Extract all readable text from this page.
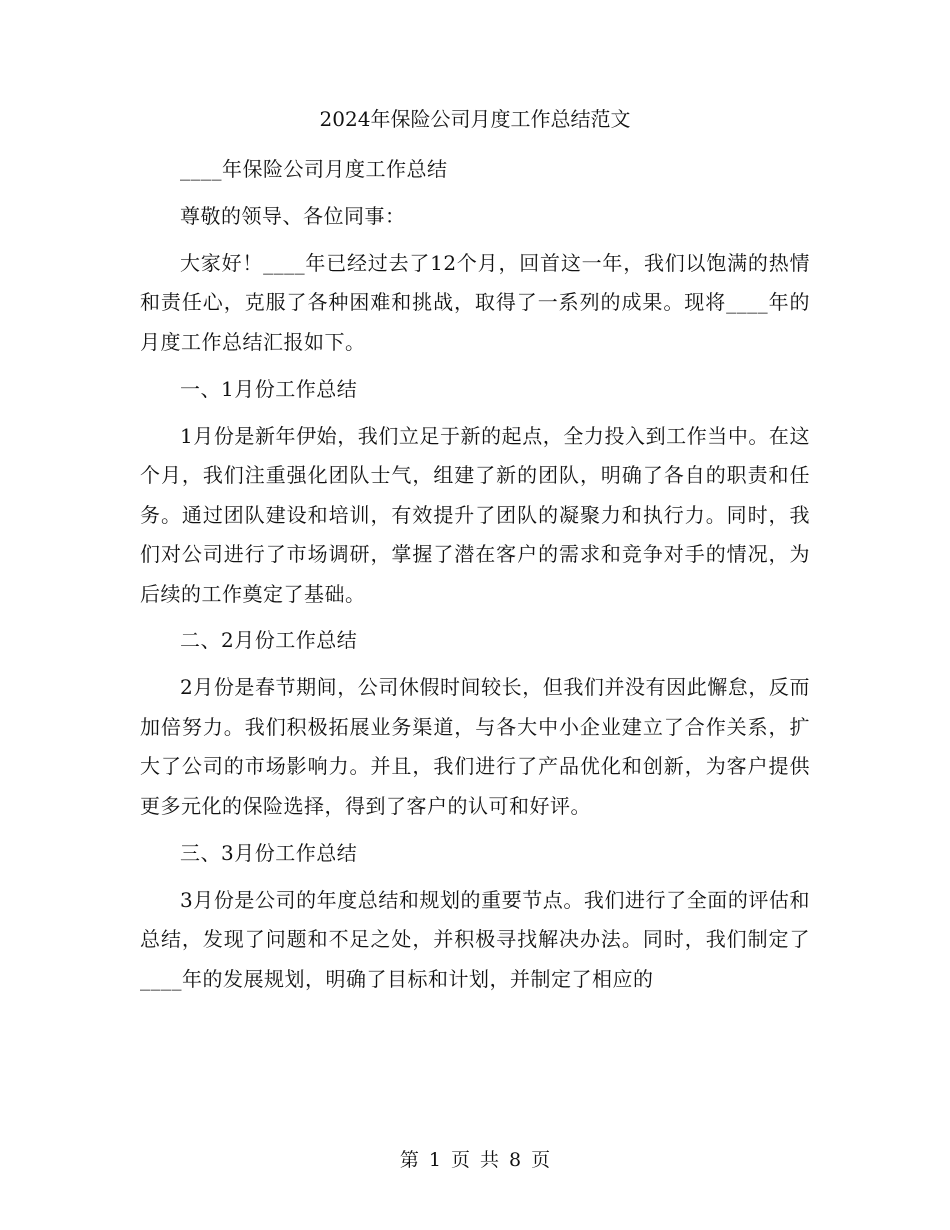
2024年保险公司月度工作总结范文

____年保险公司月度工作总结

尊敬的领导、各位同事：

大家好！____年已经过去了12个月，回首这一年，我们以饱满的热情和责任心，克服了各种困难和挑战，取得了一系列的成果。现将____年的月度工作总结汇报如下。

一、1月份工作总结

1月份是新年伊始，我们立足于新的起点，全力投入到工作当中。在这个月，我们注重强化团队士气，组建了新的团队，明确了各自的职责和任务。通过团队建设和培训，有效提升了团队的凝聚力和执行力。同时，我们对公司进行了市场调研，掌握了潜在客户的需求和竞争对手的情况，为后续的工作奠定了基础。

二、2月份工作总结

2月份是春节期间，公司休假时间较长，但我们并没有因此懈怠，反而加倍努力。我们积极拓展业务渠道，与各大中小企业建立了合作关系，扩大了公司的市场影响力。并且，我们进行了产品优化和创新，为客户提供更多元化的保险选择，得到了客户的认可和好评。

三、3月份工作总结

3月份是公司的年度总结和规划的重要节点。我们进行了全面的评估和总结，发现了问题和不足之处，并积极寻找解决办法。同时，我们制定了____年的发展规划，明确了目标和计划，并制定了相应的

第 1 页 共 8 页
